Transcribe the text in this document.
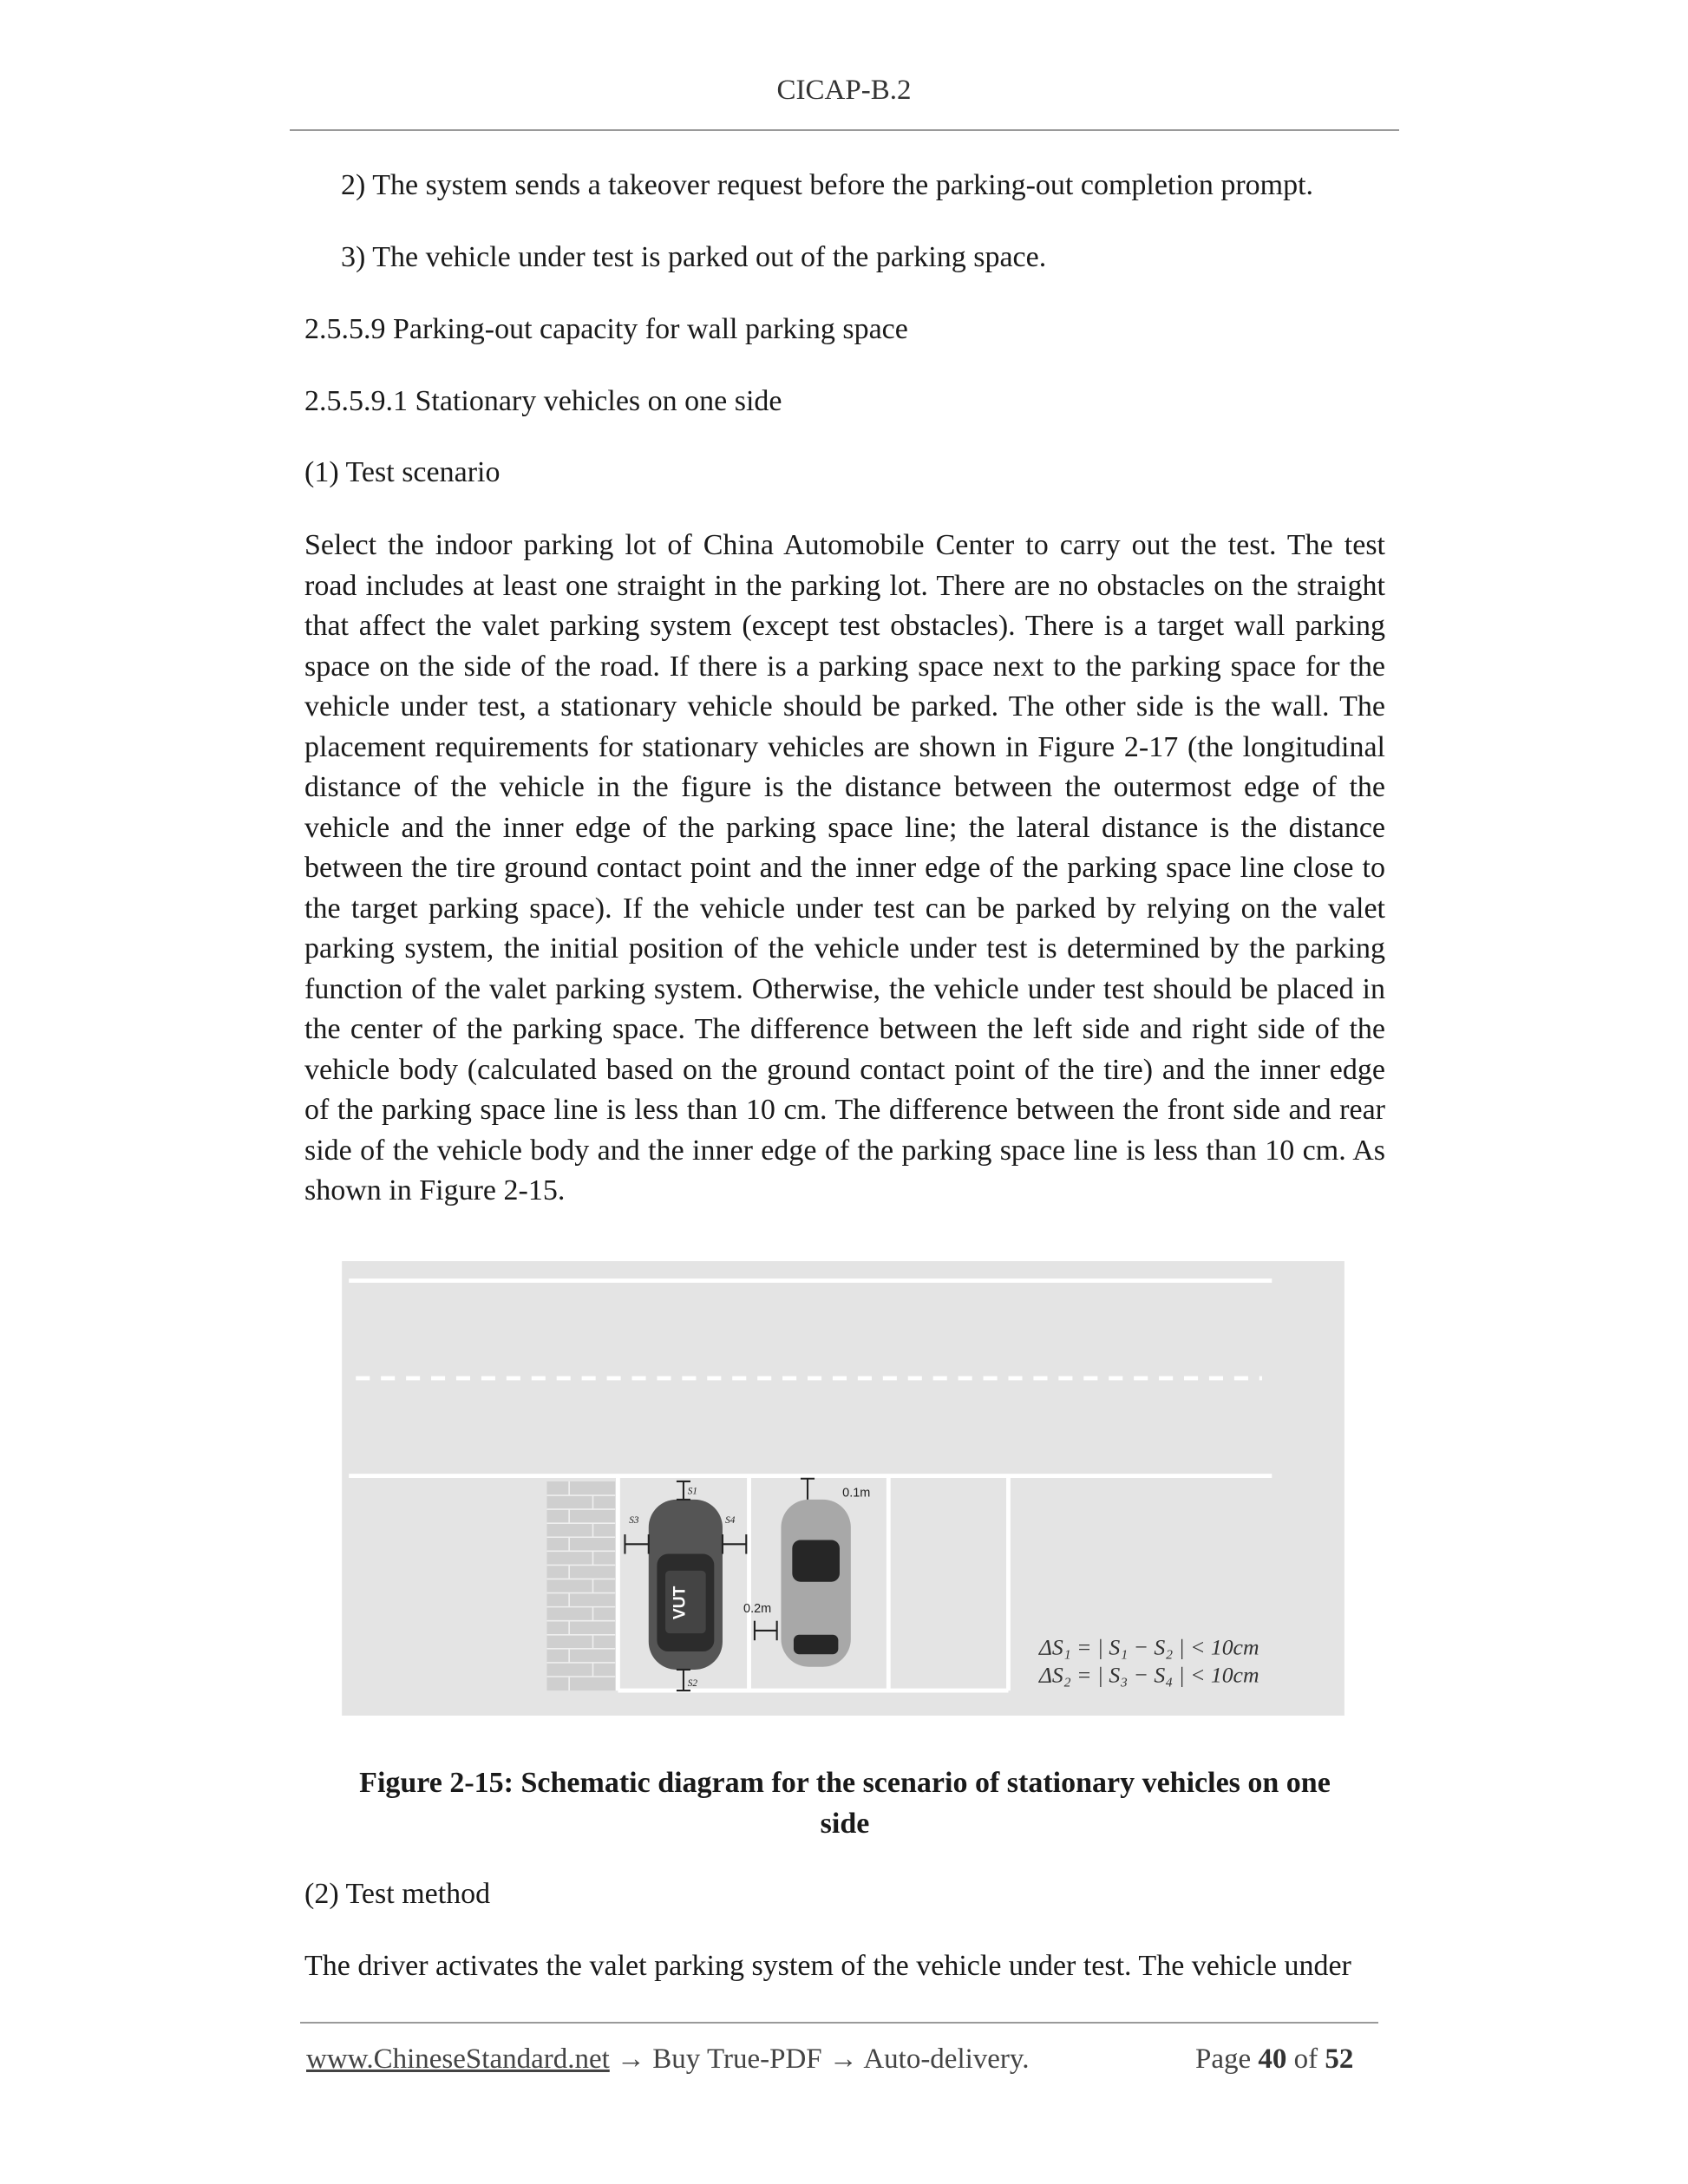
CICAP-B.2
2) The system sends a takeover request before the parking-out completion prompt.
3) The vehicle under test is parked out of the parking space.
2.5.5.9 Parking-out capacity for wall parking space
2.5.5.9.1 Stationary vehicles on one side
(1) Test scenario
Select the indoor parking lot of China Automobile Center to carry out the test. The test road includes at least one straight in the parking lot. There are no obstacles on the straight that affect the valet parking system (except test obstacles). There is a target wall parking space on the side of the road. If there is a parking space next to the parking space for the vehicle under test, a stationary vehicle should be parked. The other side is the wall. The placement requirements for stationary vehicles are shown in Figure 2-17 (the longitudinal distance of the vehicle in the figure is the distance between the outermost edge of the vehicle and the inner edge of the parking space line; the lateral distance is the distance between the tire ground contact point and the inner edge of the parking space line close to the target parking space). If the vehicle under test can be parked by relying on the valet parking system, the initial position of the vehicle under test is determined by the parking function of the valet parking system. Otherwise, the vehicle under test should be placed in the center of the parking space. The difference between the left side and right side of the vehicle body (calculated based on the ground contact point of the tire) and the inner edge of the parking space line is less than 10 cm. The difference between the front side and rear side of the vehicle body and the inner edge of the parking space line is less than 10 cm. As shown in Figure 2-15.
VUT
S1
S2
S3	S4
0.1m
0.2m
ΔS₁ = | S₁ − S₂ | < 10cm
ΔS₂ = | S₃ − S₄ | < 10cm
Figure 2-15: Schematic diagram for the scenario of stationary vehicles on one
side
(2) Test method
The driver activates the valet parking system of the vehicle under test. The vehicle under
www.ChineseStandard.net → Buy True-PDF → Auto-delivery.	Page 40 of 52
